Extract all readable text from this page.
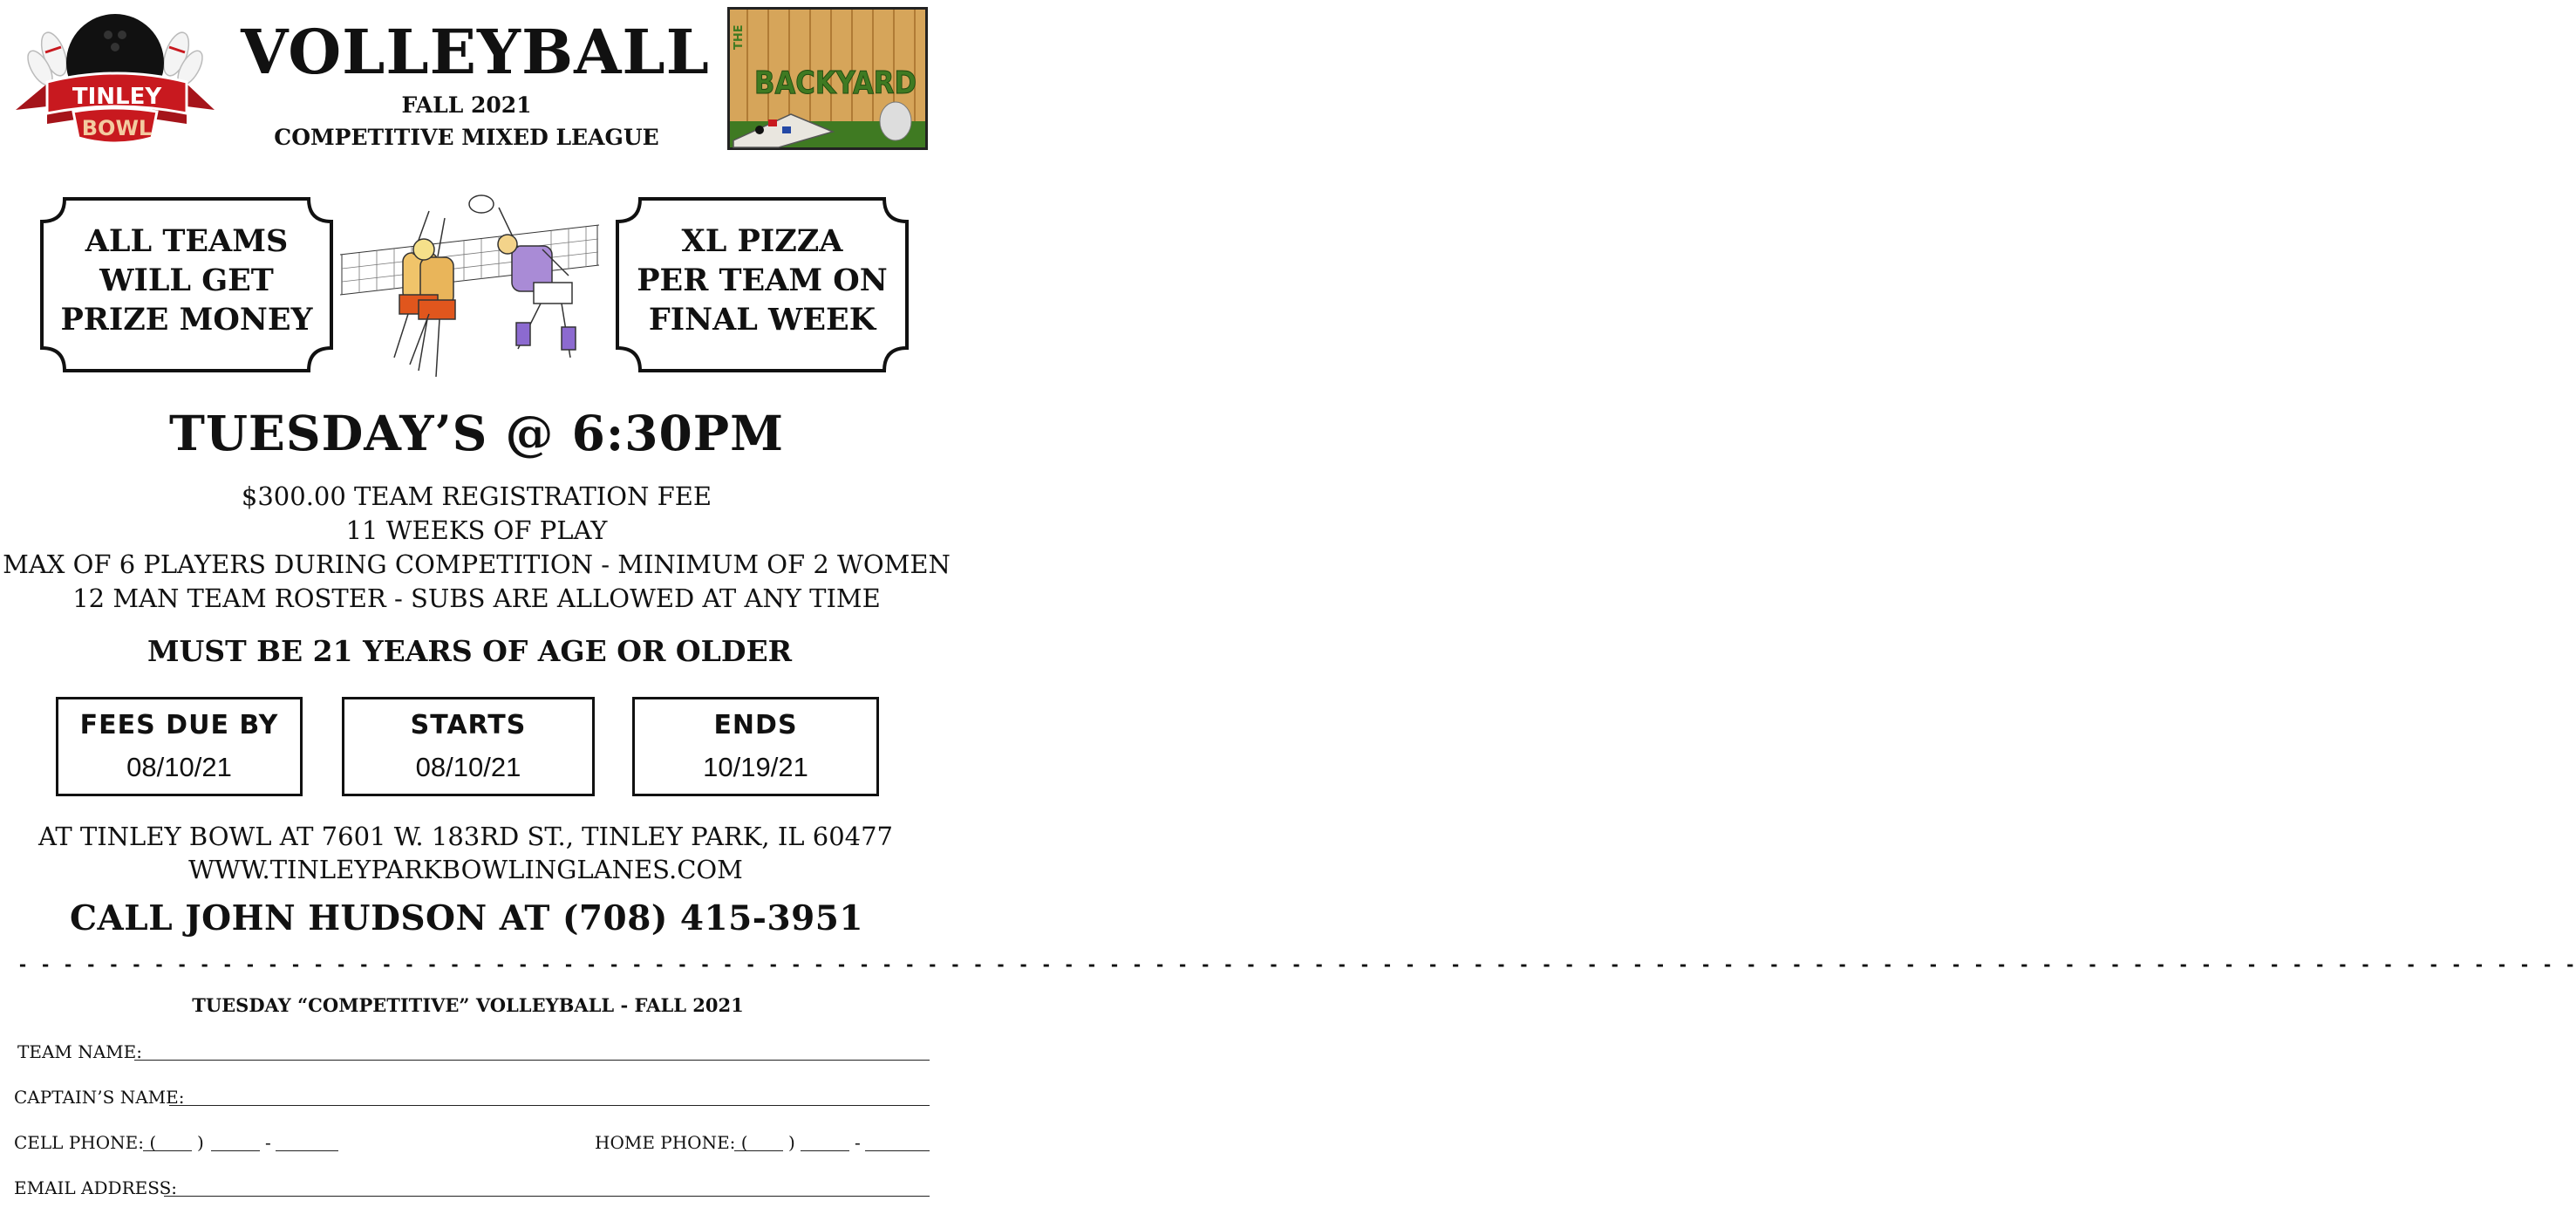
VOLLEYBALL
FALL 2021
COMPETITIVE MIXED LEAGUE
TINLEY
BOWL
THE
BACKYARD
ALL TEAMS
WILL GET
PRIZE MONEY
XL PIZZA
PER TEAM ON
FINAL WEEK
TUESDAY’S @ 6:30PM
$300.00 TEAM REGISTRATION FEE
11 WEEKS OF PLAY
MAX OF 6 PLAYERS DURING COMPETITION - MINIMUM OF 2 WOMEN
12 MAN TEAM ROSTER - SUBS ARE ALLOWED AT ANY TIME
MUST BE 21 YEARS OF AGE OR OLDER
FEES DUE BY
08/10/21
STARTS
08/10/21
ENDS
10/19/21
AT TINLEY BOWL AT 7601 W. 183RD ST., TINLEY PARK, IL 60477
WWW.TINLEYPARKBOWLINGLANES.COM
CALL JOHN HUDSON AT (708) 415-3951
- - - - - - - - - - - - - - - - - - - - - - - - - - - - - - - - - - - - - - - - - - - - - - - - - - - - - - - - - - - - - - - - - - - - - - - - - - - - - - - - - - - - - - - - - - - - - - - - - - - - - - - - - - - - - - - - -
TUESDAY “COMPETITIVE” VOLLEYBALL - FALL 2021
TEAM NAME:
CAPTAIN’S NAME:
CELL PHONE: ( )	-	HOME PHONE: ( )	-
EMAIL ADDRESS:
